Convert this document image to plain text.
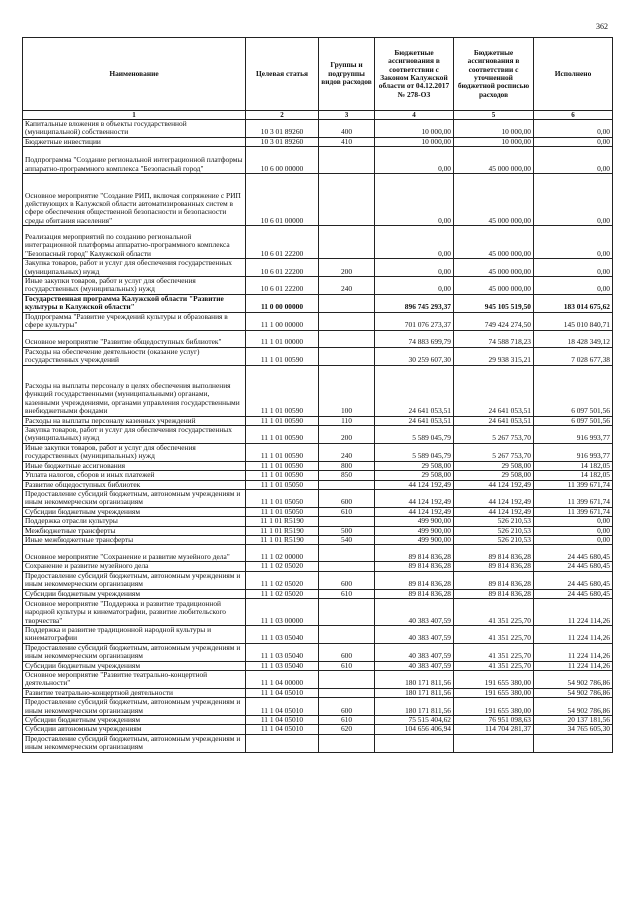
362
Наименование	Целевая статья	Группы и подгруппы видов расходов	Бюджетные ассигнования в соответствии с Законом Калужской области от 04.12.2017 № 278-ОЗ	Бюджетные ассигнования в соответствии с уточненной бюджетной росписью расходов	Исполнено
1	2	3	4	5	6
Капитальные вложения в объекты государственной (муниципальной) собственности	10 3 01 89260	400	10 000,00	10 000,00	0,00
Бюджетные инвестиции	10 3 01 89260	410	10 000,00	10 000,00	0,00
Подпрограмма "Создание региональной интеграционной платформы аппаратно-программного комплекса "Безопасный город"	10 6 00 00000		0,00	45 000 000,00	0,00
Основное мероприятие "Создание РИП, включая сопряжение с РИП действующих в Калужской области автоматизированных систем в сфере обеспечения общественной безопасности и безопасности среды обитания населения"	10 6 01 00000		0,00	45 000 000,00	0,00
Реализация мероприятий по созданию региональной интеграционной платформы аппаратно-программного комплекса "Безопасный город" Калужской области	10 6 01 22200		0,00	45 000 000,00	0,00
Закупка товаров, работ и услуг для обеспечения государственных (муниципальных) нужд	10 6 01 22200	200	0,00	45 000 000,00	0,00
Иные закупки товаров, работ и услуг для обеспечения государственных (муниципальных) нужд	10 6 01 22200	240	0,00	45 000 000,00	0,00
Государственная программа Калужской области "Развитие культуры в Калужской области"	11 0 00 00000		896 745 293,37	945 105 519,50	183 014 675,62
Подпрограмма "Развитие учреждений культуры и образования в сфере культуры"	11 1 00 00000		701 076 273,37	749 424 274,50	145 010 840,71
Основное мероприятие "Развитие общедоступных библиотек"	11 1 01 00000		74 883 699,79	74 588 718,23	18 428 349,12
Расходы на обеспечение деятельности (оказание услуг) государственных учреждений	11 1 01 00590		30 259 607,30	29 938 315,21	7 028 677,38
Расходы на выплаты персоналу в целях обеспечения выполнения функций государственными (муниципальными) органами, казенными учреждениями, органами управления государственными внебюджетными фондами	11 1 01 00590	100	24 641 053,51	24 641 053,51	6 097 501,56
Расходы на выплаты персоналу казенных учреждений	11 1 01 00590	110	24 641 053,51	24 641 053,51	6 097 501,56
Закупка товаров, работ и услуг для обеспечения государственных (муниципальных) нужд	11 1 01 00590	200	5 589 045,79	5 267 753,70	916 993,77
Иные закупки товаров, работ и услуг для обеспечения государственных (муниципальных) нужд	11 1 01 00590	240	5 589 045,79	5 267 753,70	916 993,77
Иные бюджетные ассигнования	11 1 01 00590	800	29 508,00	29 508,00	14 182,05
Уплата налогов, сборов и иных платежей	11 1 01 00590	850	29 508,00	29 508,00	14 182,05
Развитие общедоступных библиотек	11 1 01 05050		44 124 192,49	44 124 192,49	11 399 671,74
Предоставление субсидий бюджетным, автономным учреждениям и иным некоммерческим организациям	11 1 01 05050	600	44 124 192,49	44 124 192,49	11 399 671,74
Субсидии бюджетным учреждениям	11 1 01 05050	610	44 124 192,49	44 124 192,49	11 399 671,74
Поддержка отрасли культуры	11 1 01 R5190		499 900,00	526 210,53	0,00
Межбюджетные трансферты	11 1 01 R5190	500	499 900,00	526 210,53	0,00
Иные межбюджетные трансферты	11 1 01 R5190	540	499 900,00	526 210,53	0,00
Основное мероприятие "Сохранение и развитие музейного дела"	11 1 02 00000		89 814 836,28	89 814 836,28	24 445 680,45
Сохранение и развитие музейного дела	11 1 02 05020		89 814 836,28	89 814 836,28	24 445 680,45
Предоставление субсидий бюджетным, автономным учреждениям и иным некоммерческим организациям	11 1 02 05020	600	89 814 836,28	89 814 836,28	24 445 680,45
Субсидии бюджетным учреждениям	11 1 02 05020	610	89 814 836,28	89 814 836,28	24 445 680,45
Основное мероприятие "Поддержка и развитие традиционной народной культуры и кинематографии, развитие любительского творчества"	11 1 03 00000		40 383 407,59	41 351 225,70	11 224 114,26
Поддержка и развитие традиционной народной культуры и кинематографии	11 1 03 05040		40 383 407,59	41 351 225,70	11 224 114,26
Предоставление субсидий бюджетным, автономным учреждениям и иным некоммерческим организациям	11 1 03 05040	600	40 383 407,59	41 351 225,70	11 224 114,26
Субсидии бюджетным учреждениям	11 1 03 05040	610	40 383 407,59	41 351 225,70	11 224 114,26
Основное мероприятие "Развитие театрально-концертной деятельности"	11 1 04 00000		180 171 811,56	191 655 380,00	54 902 786,86
Развитие театрально-концертной деятельности	11 1 04 05010		180 171 811,56	191 655 380,00	54 902 786,86
Предоставление субсидий бюджетным, автономным учреждениям и иным некоммерческим организациям	11 1 04 05010	600	180 171 811,56	191 655 380,00	54 902 786,86
Субсидии бюджетным учреждениям	11 1 04 05010	610	75 515 404,62	76 951 098,63	20 137 181,56
Субсидии автономным учреждениям	11 1 04 05010	620	104 656 406,94	114 704 281,37	34 765 605,30
Предоставление субсидий бюджетным, автономным учреждениям и иным некоммерческим организациям					
